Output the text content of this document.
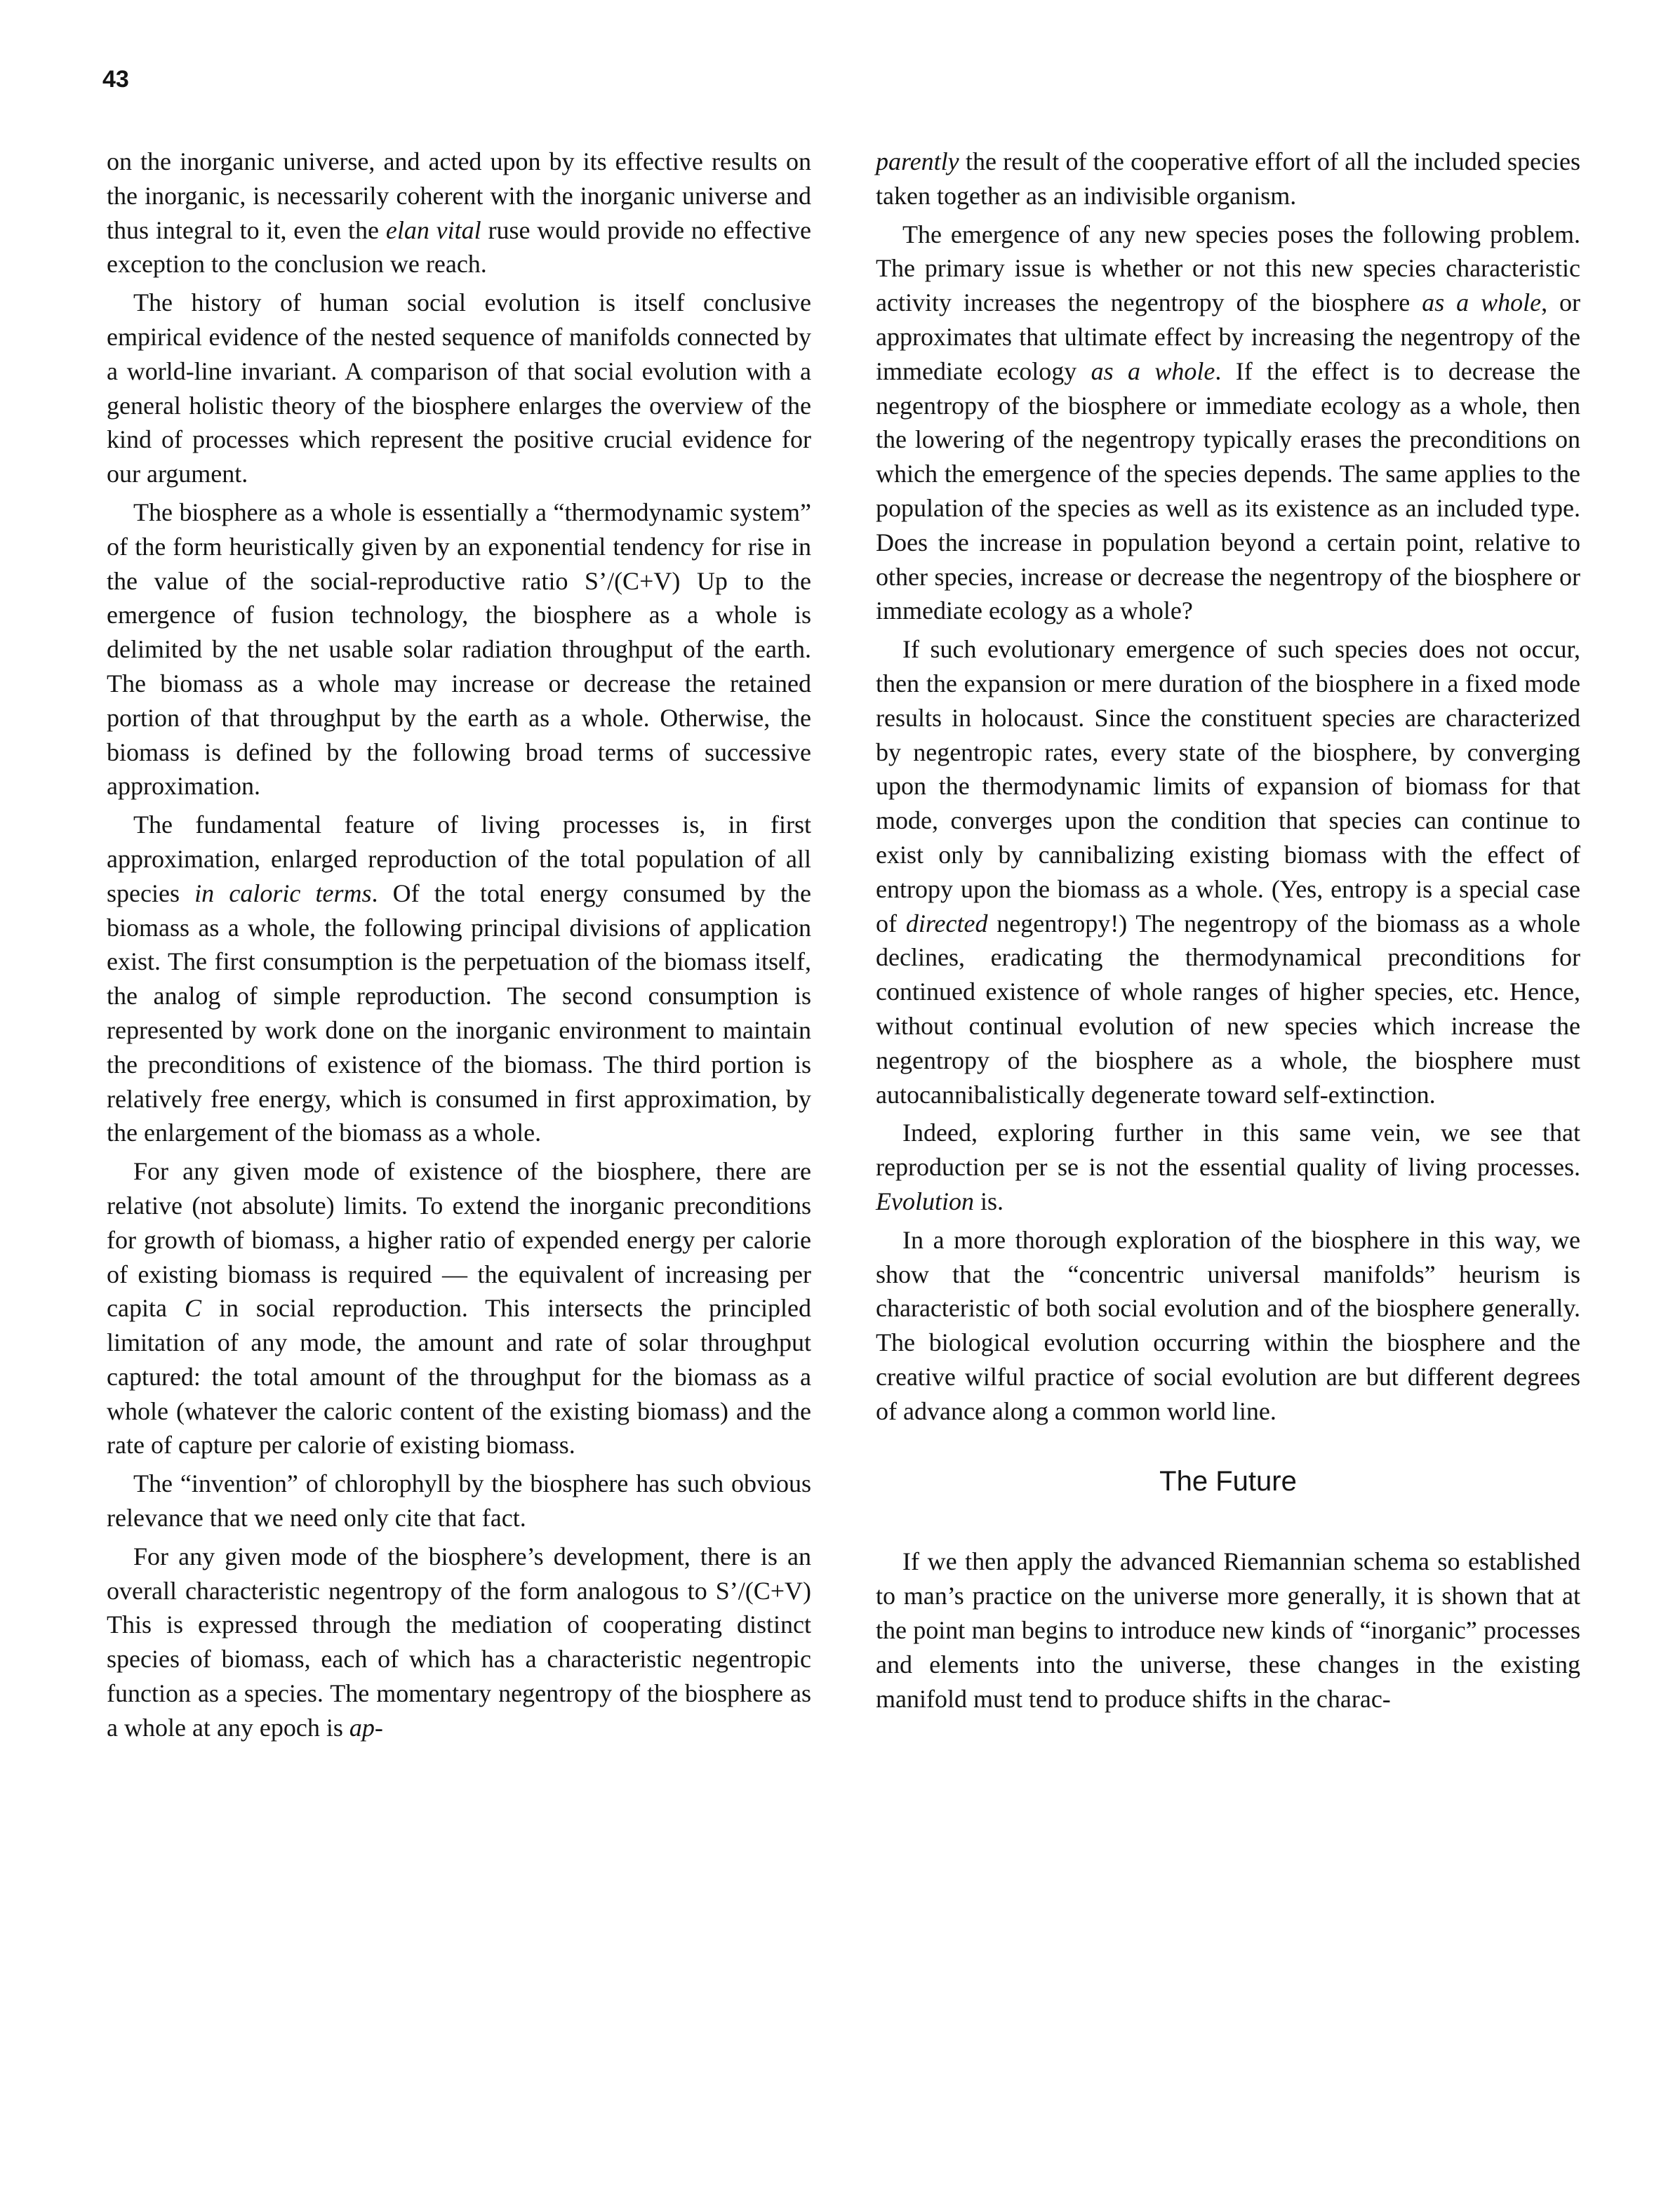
43

on the inorganic universe, and acted upon by its effective results on the inorganic, is necessarily coherent with the inorganic universe and thus integral to it, even the elan vital ruse would provide no effective exception to the conclusion we reach.

The history of human social evolution is itself conclusive empirical evidence of the nested sequence of manifolds connected by a world-line invariant. A comparison of that social evolution with a general holistic theory of the biosphere enlarges the overview of the kind of processes which represent the positive crucial evidence for our argument.

The biosphere as a whole is essentially a “thermodynamic system” of the form heuristically given by an exponential tendency for rise in the value of the social-reproductive ratio S’/(C+V) Up to the emergence of fusion technology, the biosphere as a whole is delimited by the net usable solar radiation throughput of the earth. The biomass as a whole may increase or decrease the retained portion of that throughput by the earth as a whole. Otherwise, the biomass is defined by the following broad terms of successive approximation.

The fundamental feature of living processes is, in first approximation, enlarged reproduction of the total population of all species in caloric terms. Of the total energy consumed by the biomass as a whole, the following principal divisions of application exist. The first consumption is the perpetuation of the biomass itself, the analog of simple reproduction. The second consumption is represented by work done on the inorganic environment to maintain the preconditions of existence of the biomass. The third portion is relatively free energy, which is consumed in first approximation, by the enlargement of the biomass as a whole.

For any given mode of existence of the biosphere, there are relative (not absolute) limits. To extend the inorganic preconditions for growth of biomass, a higher ratio of expended energy per calorie of existing biomass is required — the equivalent of increasing per capita C in social reproduction. This intersects the principled limitation of any mode, the amount and rate of solar throughput captured: the total amount of the throughput for the biomass as a whole (whatever the caloric content of the existing biomass) and the rate of capture per calorie of existing biomass.

The “invention” of chlorophyll by the biosphere has such obvious relevance that we need only cite that fact.

For any given mode of the biosphere’s development, there is an overall characteristic negentropy of the form analogous to S’/(C+V) This is expressed through the mediation of cooperating distinct species of biomass, each of which has a characteristic negentropic function as a species. The momentary negentropy of the biosphere as a whole at any epoch is ap-

parently the result of the cooperative effort of all the included species taken together as an indivisible organism.

The emergence of any new species poses the following problem. The primary issue is whether or not this new species characteristic activity increases the negentropy of the biosphere as a whole, or approximates that ultimate effect by increasing the negentropy of the immediate ecology as a whole. If the effect is to decrease the negentropy of the biosphere or immediate ecology as a whole, then the lowering of the negentropy typically erases the preconditions on which the emergence of the species depends. The same applies to the population of the species as well as its existence as an included type. Does the increase in population beyond a certain point, relative to other species, increase or decrease the negentropy of the biosphere or immediate ecology as a whole?

If such evolutionary emergence of such species does not occur, then the expansion or mere duration of the biosphere in a fixed mode results in holocaust. Since the constituent species are characterized by negentropic rates, every state of the biosphere, by converging upon the thermodynamic limits of expansion of biomass for that mode, converges upon the condition that species can continue to exist only by cannibalizing existing biomass with the effect of entropy upon the biomass as a whole. (Yes, entropy is a special case of directed negentropy!) The negentropy of the biomass as a whole declines, eradicating the thermodynamical preconditions for continued existence of whole ranges of higher species, etc. Hence, without continual evolution of new species which increase the negentropy of the biosphere as a whole, the biosphere must autocannibalistically degenerate toward self-extinction.

Indeed, exploring further in this same vein, we see that reproduction per se is not the essential quality of living processes. Evolution is.

In a more thorough exploration of the biosphere in this way, we show that the “concentric universal manifolds” heurism is characteristic of both social evolution and of the biosphere generally. The biological evolution occurring within the biosphere and the creative wilful practice of social evolution are but different degrees of advance along a common world line.

The Future

If we then apply the advanced Riemannian schema so established to man’s practice on the universe more generally, it is shown that at the point man begins to introduce new kinds of “inorganic” processes and elements into the universe, these changes in the existing manifold must tend to produce shifts in the charac-
